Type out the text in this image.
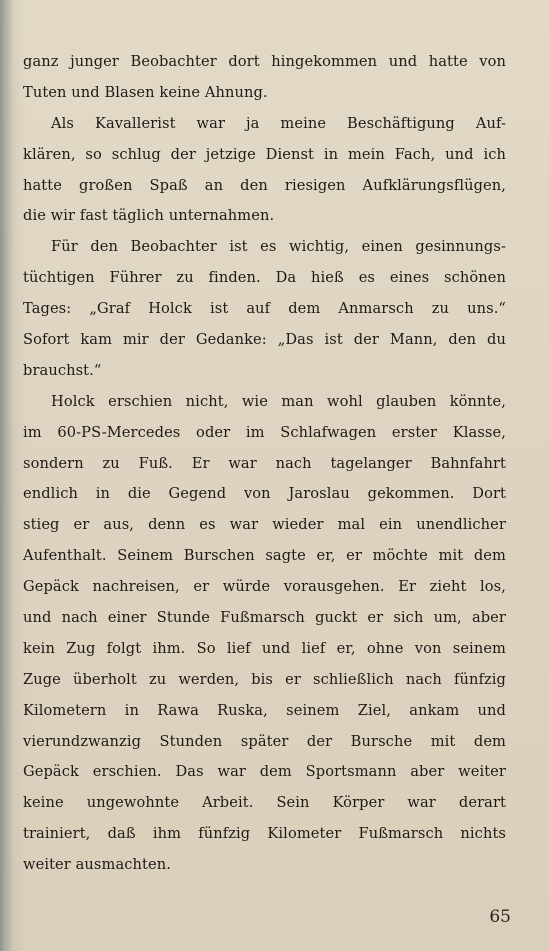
ganz junger Beobachter dort hingekommen und hatte von
Tuten und Blasen keine Ahnung.
Als Kavallerist war ja meine Beschäftigung Auf-
klären, so schlug der jetzige Dienst in mein Fach, und ich
hatte großen Spaß an den riesigen Aufklärungsflügen,
die wir fast täglich unternahmen.
Für den Beobachter ist es wichtig, einen gesinnungs-
tüchtigen Führer zu finden. Da hieß es eines schönen
Tages: „Graf Holck ist auf dem Anmarsch zu uns.“
Sofort kam mir der Gedanke: „Das ist der Mann, den du
brauchst.“
Holck erschien nicht, wie man wohl glauben könnte,
im 60-PS-Mercedes oder im Schlafwagen erster Klasse,
sondern zu Fuß. Er war nach tagelanger Bahnfahrt
endlich in die Gegend von Jaroslau gekommen. Dort
stieg er aus, denn es war wieder mal ein unendlicher
Aufenthalt. Seinem Burschen sagte er, er möchte mit dem
Gepäck nachreisen, er würde vorausgehen. Er zieht los,
und nach einer Stunde Fußmarsch guckt er sich um, aber
kein Zug folgt ihm. So lief und lief er, ohne von seinem
Zuge überholt zu werden, bis er schließlich nach fünfzig
Kilometern in Rawa Ruska, seinem Ziel, ankam und
vierundzwanzig Stunden später der Bursche mit dem
Gepäck erschien. Das war dem Sportsmann aber weiter
keine ungewohnte Arbeit. Sein Körper war derart
trainiert, daß ihm fünfzig Kilometer Fußmarsch nichts
weiter ausmachten.
65
